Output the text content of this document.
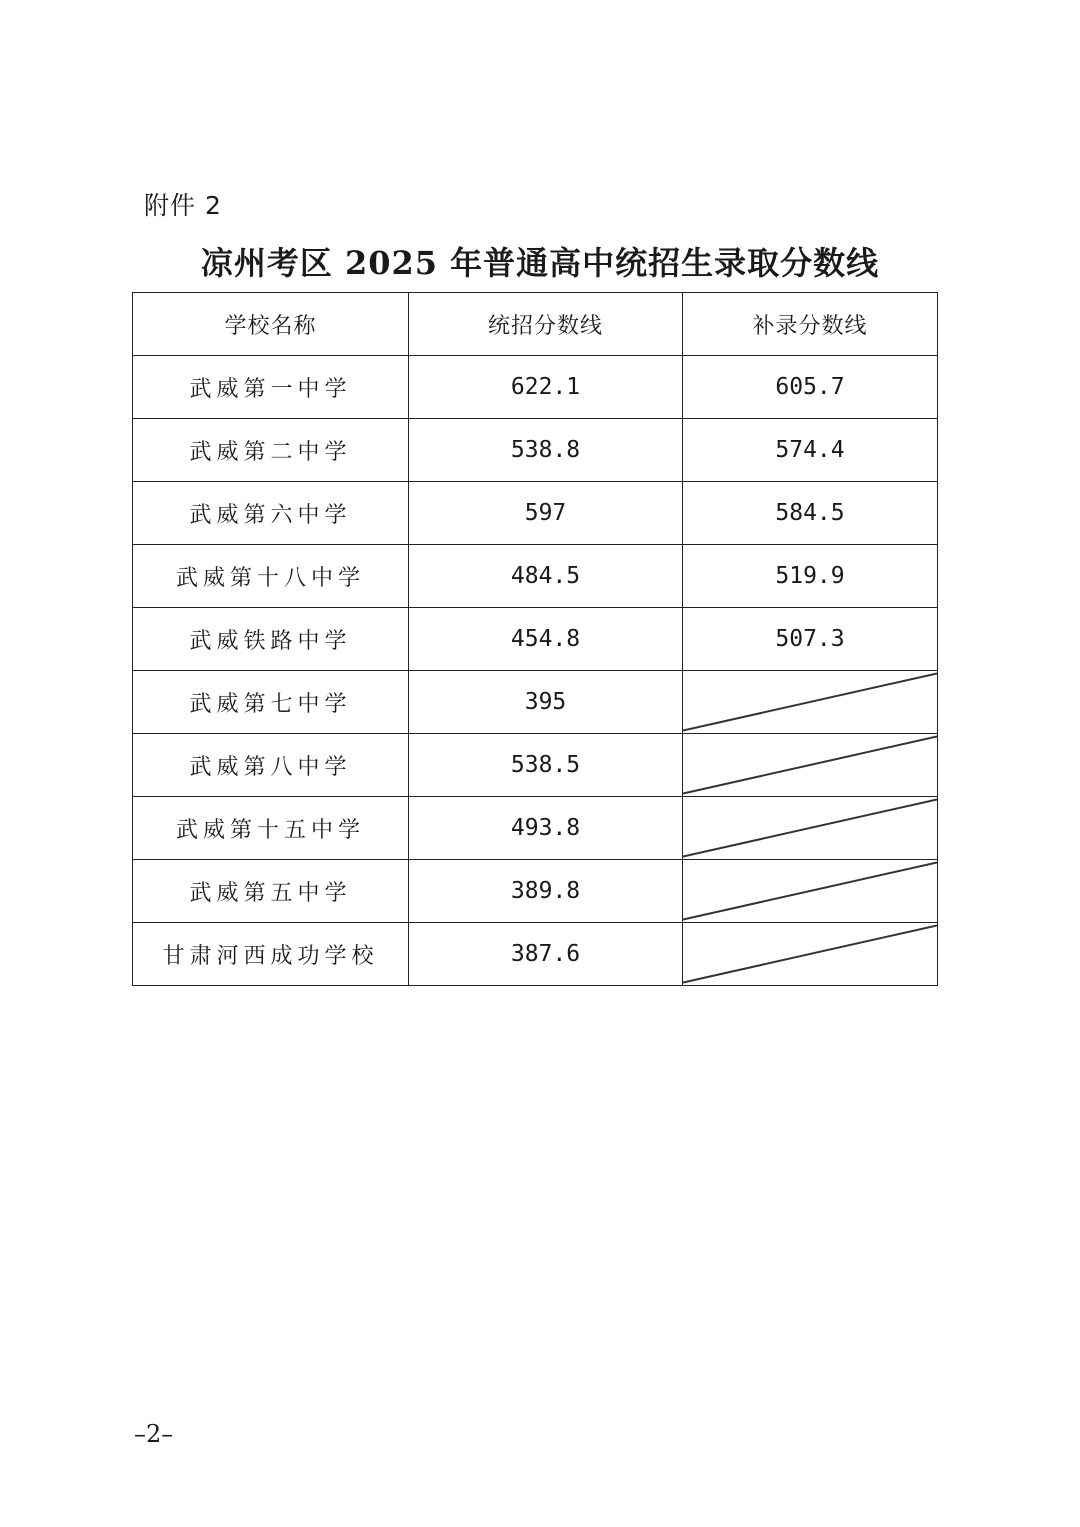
附件 2
凉州考区 2025 年普通高中统招生录取分数线
学校名称	统招分数线	补录分数线
武威第一中学	622.1	605.7
武威第二中学	538.8	574.4
武威第六中学	597	584.5
武威第十八中学	484.5	519.9
武威铁路中学	454.8	507.3
武威第七中学	395	

武威第八中学	538.5	

武威第十五中学	493.8	

武威第五中学	389.8	

甘肃河西成功学校	387.6	
–2–
